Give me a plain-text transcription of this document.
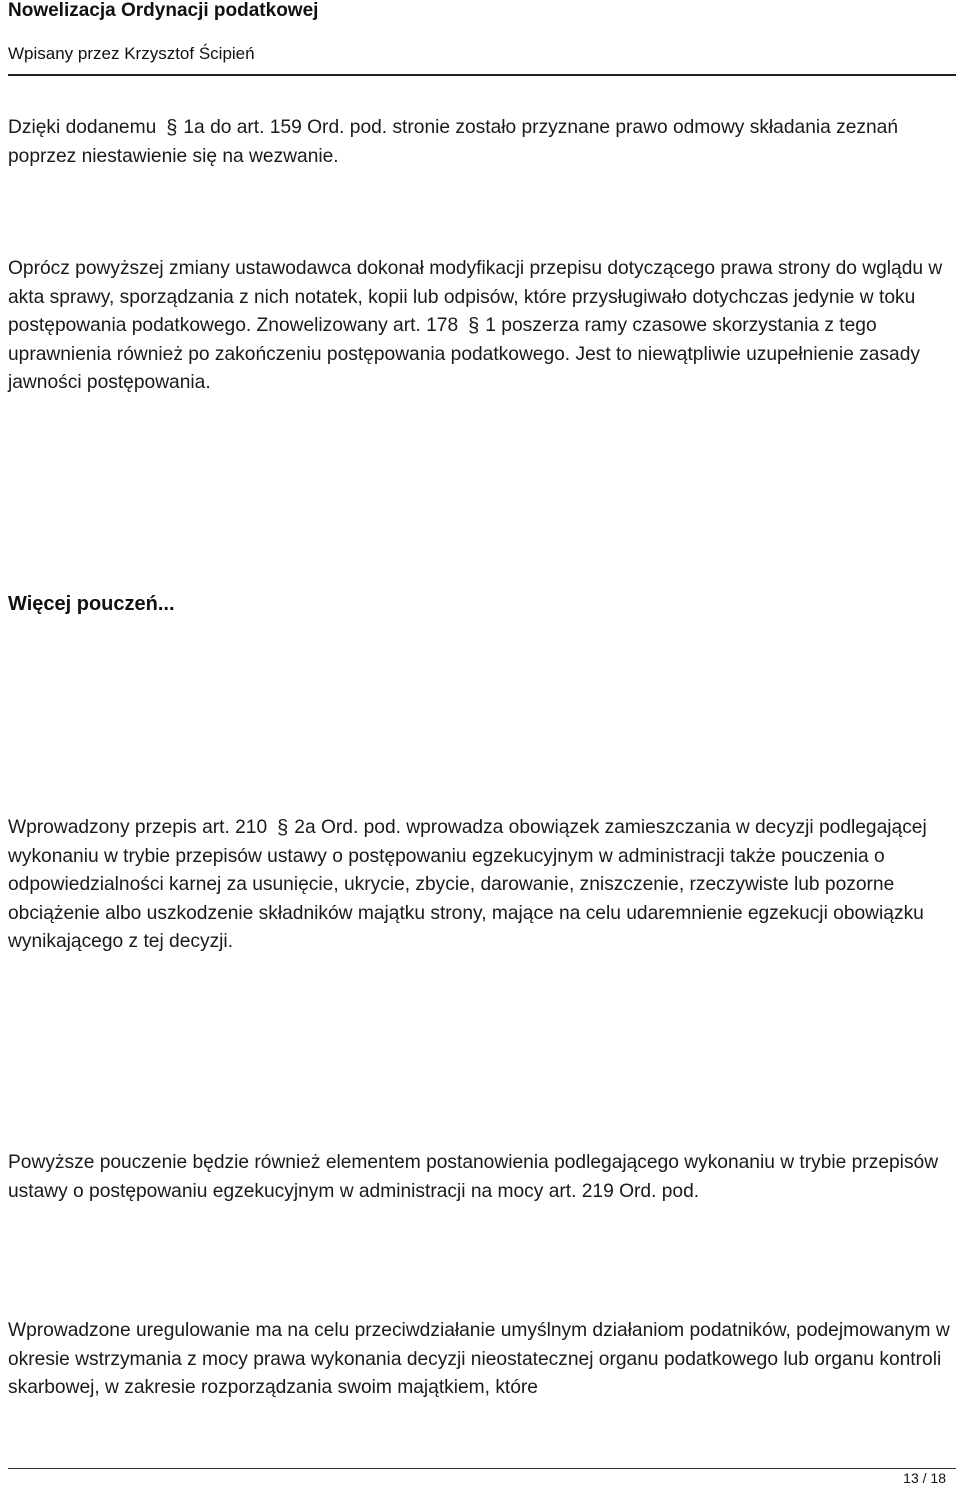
Nowelizacja Ordynacji podatkowej
Wpisany przez Krzysztof Ścipień

Dzięki dodanemu § 1a do art. 159 Ord. pod. stronie zostało przyznane prawo odmowy składania zeznań poprzez niestawienie się na wezwanie.

Oprócz powyższej zmiany ustawodawca dokonał modyfikacji przepisu dotyczącego prawa strony do wglądu w akta sprawy, sporządzania z nich notatek, kopii lub odpisów, które przysługiwało dotychczas jedynie w toku postępowania podatkowego. Znowelizowany art. 178 § 1 poszerza ramy czasowe skorzystania z tego uprawnienia również po zakończeniu postępowania podatkowego. Jest to niewątpliwie uzupełnienie zasady jawności postępowania.

Więcej pouczeń...

Wprowadzony przepis art. 210 § 2a Ord. pod. wprowadza obowiązek zamieszczania w decyzji podlegającej wykonaniu w trybie przepisów ustawy o postępowaniu egzekucyjnym w administracji także pouczenia o odpowiedzialności karnej za usunięcie, ukrycie, zbycie, darowanie, zniszczenie, rzeczywiste lub pozorne obciążenie albo uszkodzenie składników majątku strony, mające na celu udaremnienie egzekucji obowiązku wynikającego z tej decyzji.

Powyższe pouczenie będzie również elementem postanowienia podlegającego wykonaniu w trybie przepisów ustawy o postępowaniu egzekucyjnym w administracji na mocy art. 219 Ord. pod.

Wprowadzone uregulowanie ma na celu przeciwdziałanie umyślnym działaniom podatników, podejmowanym w okresie wstrzymania z mocy prawa wykonania decyzji nieostatecznej organu podatkowego lub organu kontroli skarbowej, w zakresie rozporządzania swoim majątkiem, które

13 / 18
